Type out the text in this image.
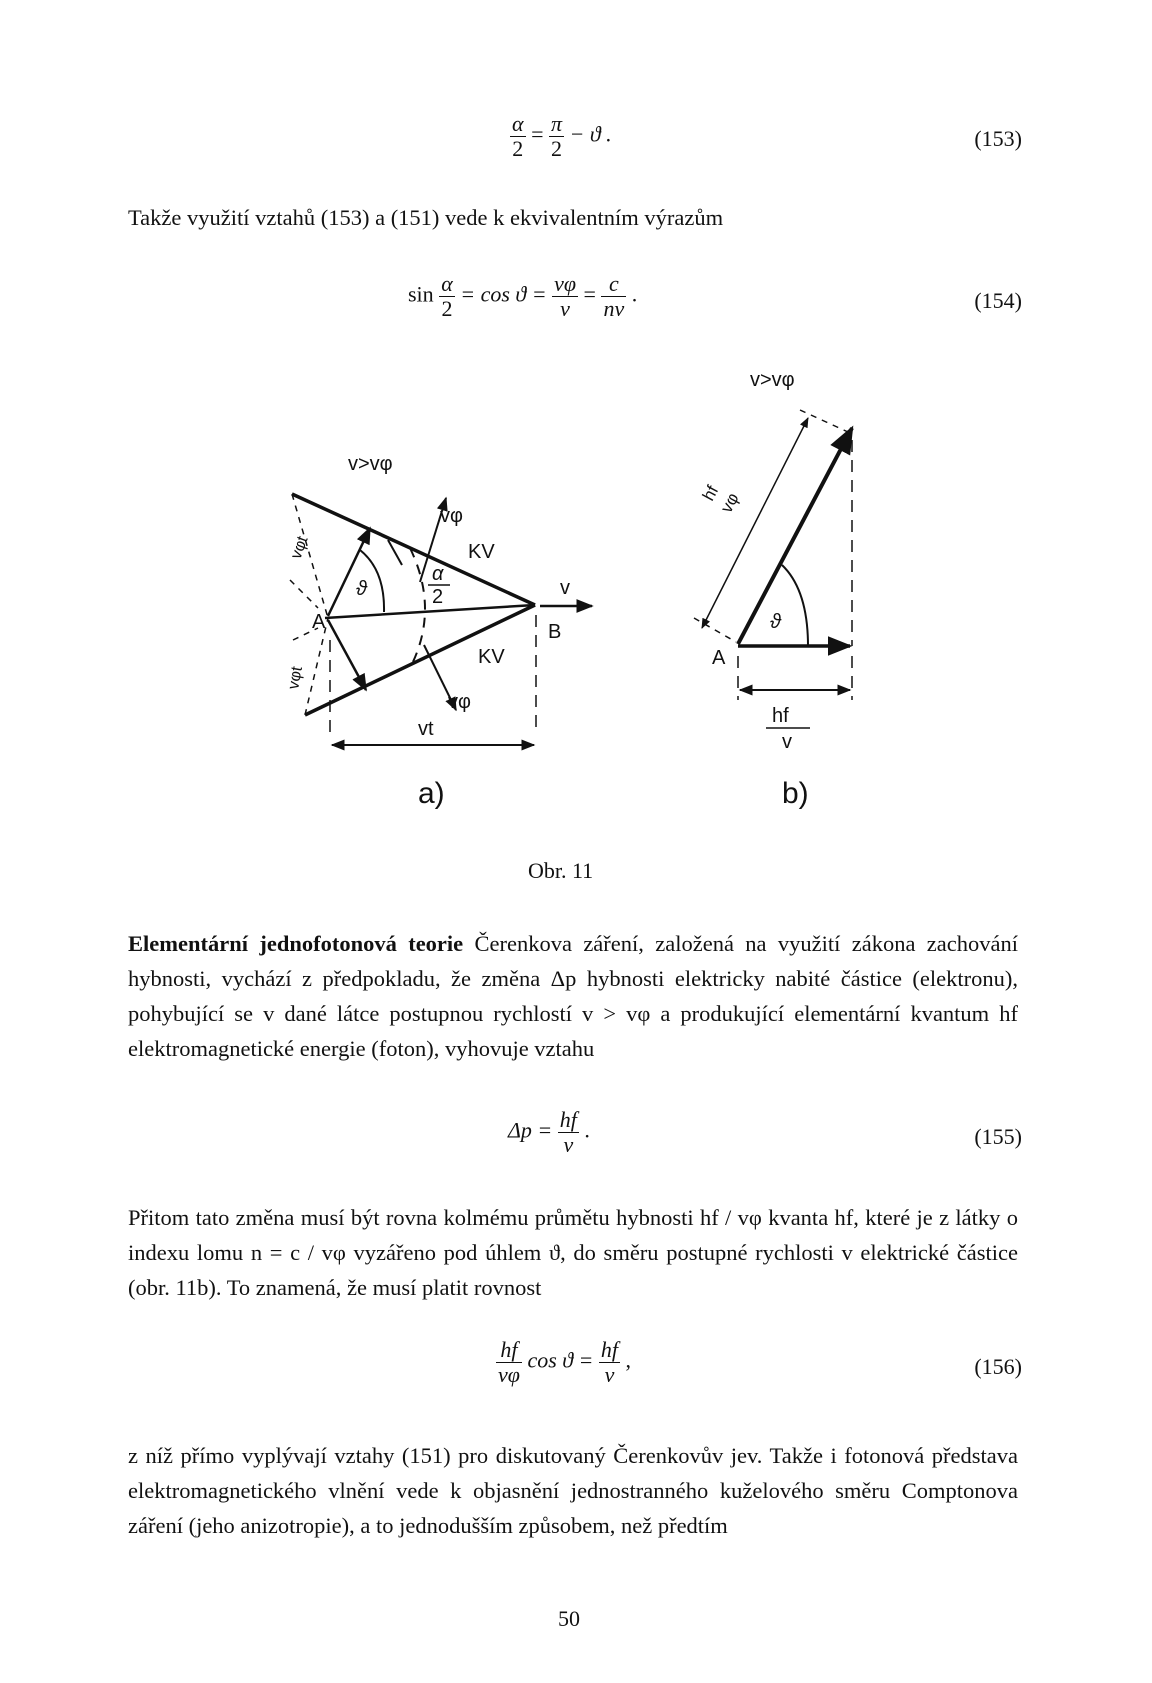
$\frac{\alpha}{2} = \frac{\pi}{2} - ϑ$ .	(153)
Takže využití vztahů (153) a (151) vede k ekvivalentním výrazům
$\sin \frac{\alpha}{2} = \cos ϑ = \frac{v\varphi}{v} = \frac{c}{nv}$ .	(154)
v>vφ
KV
KV
A	B
v
vt
vφ
vφ
ϑ
α
2
vφt
vφt
a)
v>vφ
A
ϑ
hf
vφ
hf
v
b)
Obr. 11
Elementární jednofotonová teorie Čerenkova záření, založená na využití zákona zachování hybnosti, vychází z předpokladu, že změna Δp hybnosti elektricky nabité částice (elektronu), pohybující se v dané látce postupnou rychlostí v > vφ a produkující elementární kvantum hf elektromagnetické energie (foton), vyhovuje vztahu
$\Delta p = \frac{hf}{v}$ .	(155)
Přitom tato změna musí být rovna kolmému průmětu hybnosti hf / vφ kvanta hf, které je z látky o indexu lomu n = c / vφ vyzářeno pod úhlem ϑ, do směru postupné rychlosti v elektrické částice (obr. 11b). To znamená, že musí platit rovnost
$\frac{hf}{v\varphi}$ $\cos ϑ = \frac{hf}{v}$ ,	(156)
z níž přímo vyplývají vztahy (151) pro diskutovaný Čerenkovův jev. Takže i fotonová představa elektromagnetického vlnění vede k objasnění jednostranného kuželového směru Comptonova záření (jeho anizotropie), a to jednodušším způsobem, než předtím
50
